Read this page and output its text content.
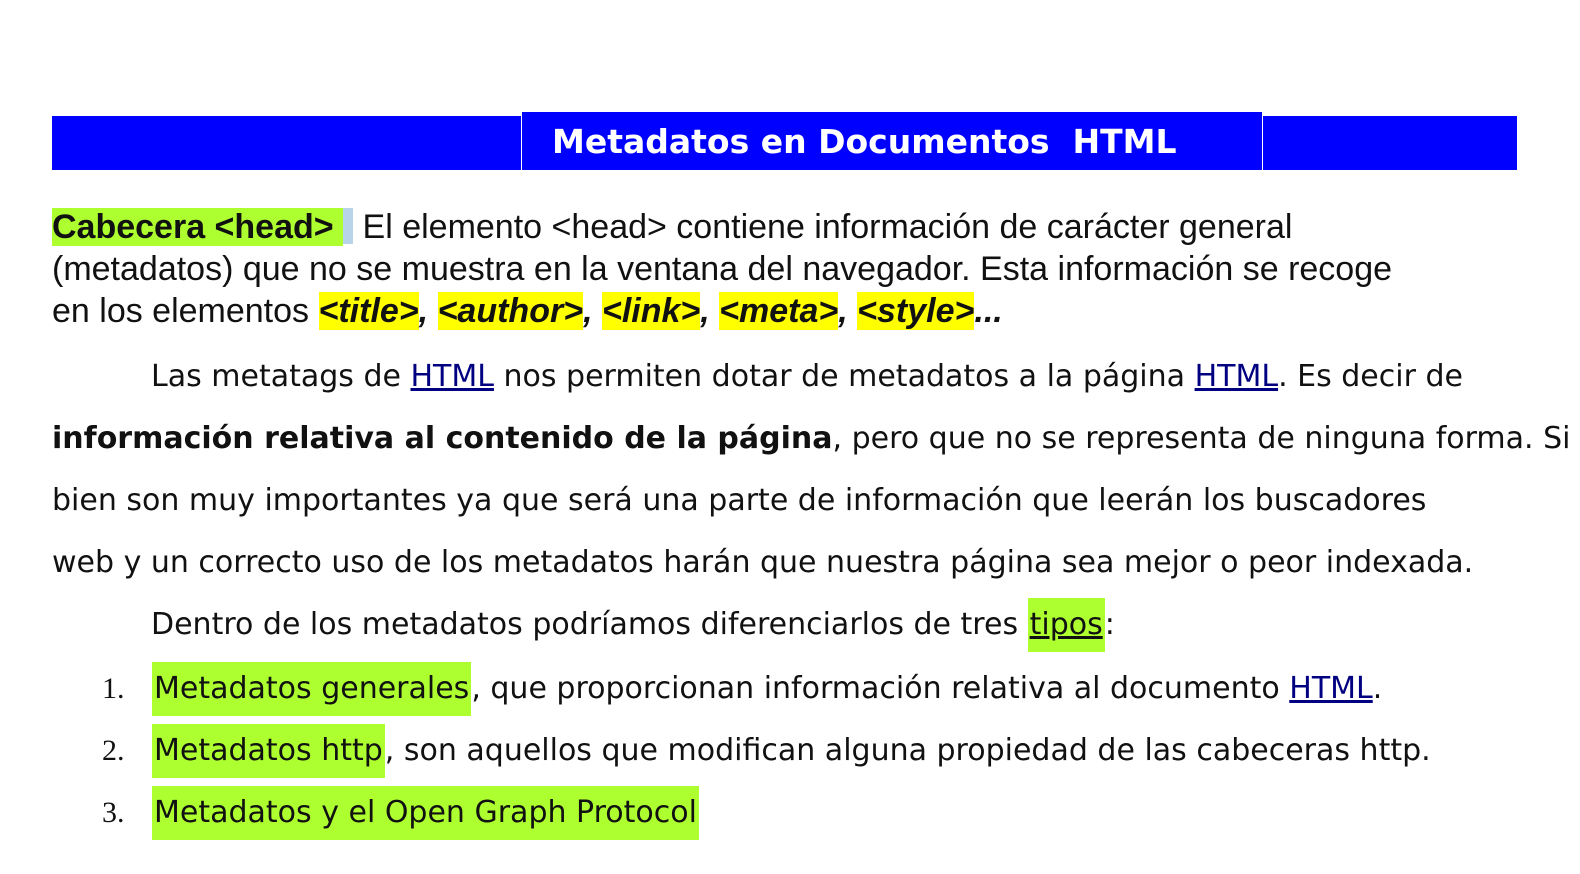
Metadatos en Documentos  HTML
Cabecera <head>  El elemento <head> contiene información de carácter general
(metadatos) que no se muestra en la ventana del navegador. Esta información se recoge
en los elementos <title>, <author>, <link>, <meta>, <style>...
Las metatags de HTML nos permiten dotar de metadatos a la página HTML. Es decir de
información relativa al contenido de la página, pero que no se representa de ninguna forma. Si
bien son muy importantes ya que será una parte de información que leerán los buscadores
web y un correcto uso de los metadatos harán que nuestra página sea mejor o peor indexada.
Dentro de los metadatos podríamos diferenciarlos de tres tipos:
1. Metadatos generales, que proporcionan información relativa al documento HTML.
2. Metadatos http, son aquellos que modifican alguna propiedad de las cabeceras http.
3. Metadatos y el Open Graph Protocol
